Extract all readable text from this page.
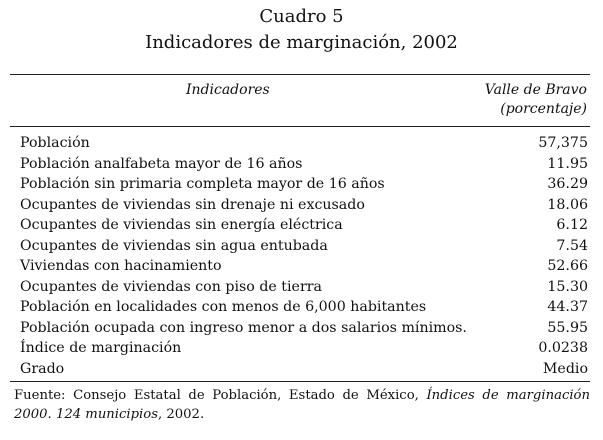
Cuadro 5
Indicadores de marginación, 2002
Indicadores	Valle de Bravo
(porcentaje)
Población	57,375
Población analfabeta mayor de 16 años	11.95
Población sin primaria completa mayor de 16 años	36.29
Ocupantes de viviendas sin drenaje ni excusado	18.06
Ocupantes de viviendas sin energía eléctrica	6.12
Ocupantes de viviendas sin agua entubada	7.54
Viviendas con hacinamiento	52.66
Ocupantes de viviendas con piso de tierra	15.30
Población en localidades con menos de 6,000 habitantes	44.37
Población ocupada con ingreso menor a dos salarios mínimos.	55.95
Índice de marginación	0.0238
Grado	Medio
Fuente: Consejo Estatal de Población, Estado de México, Índices de marginación 2000. 124 municipios, 2002.
